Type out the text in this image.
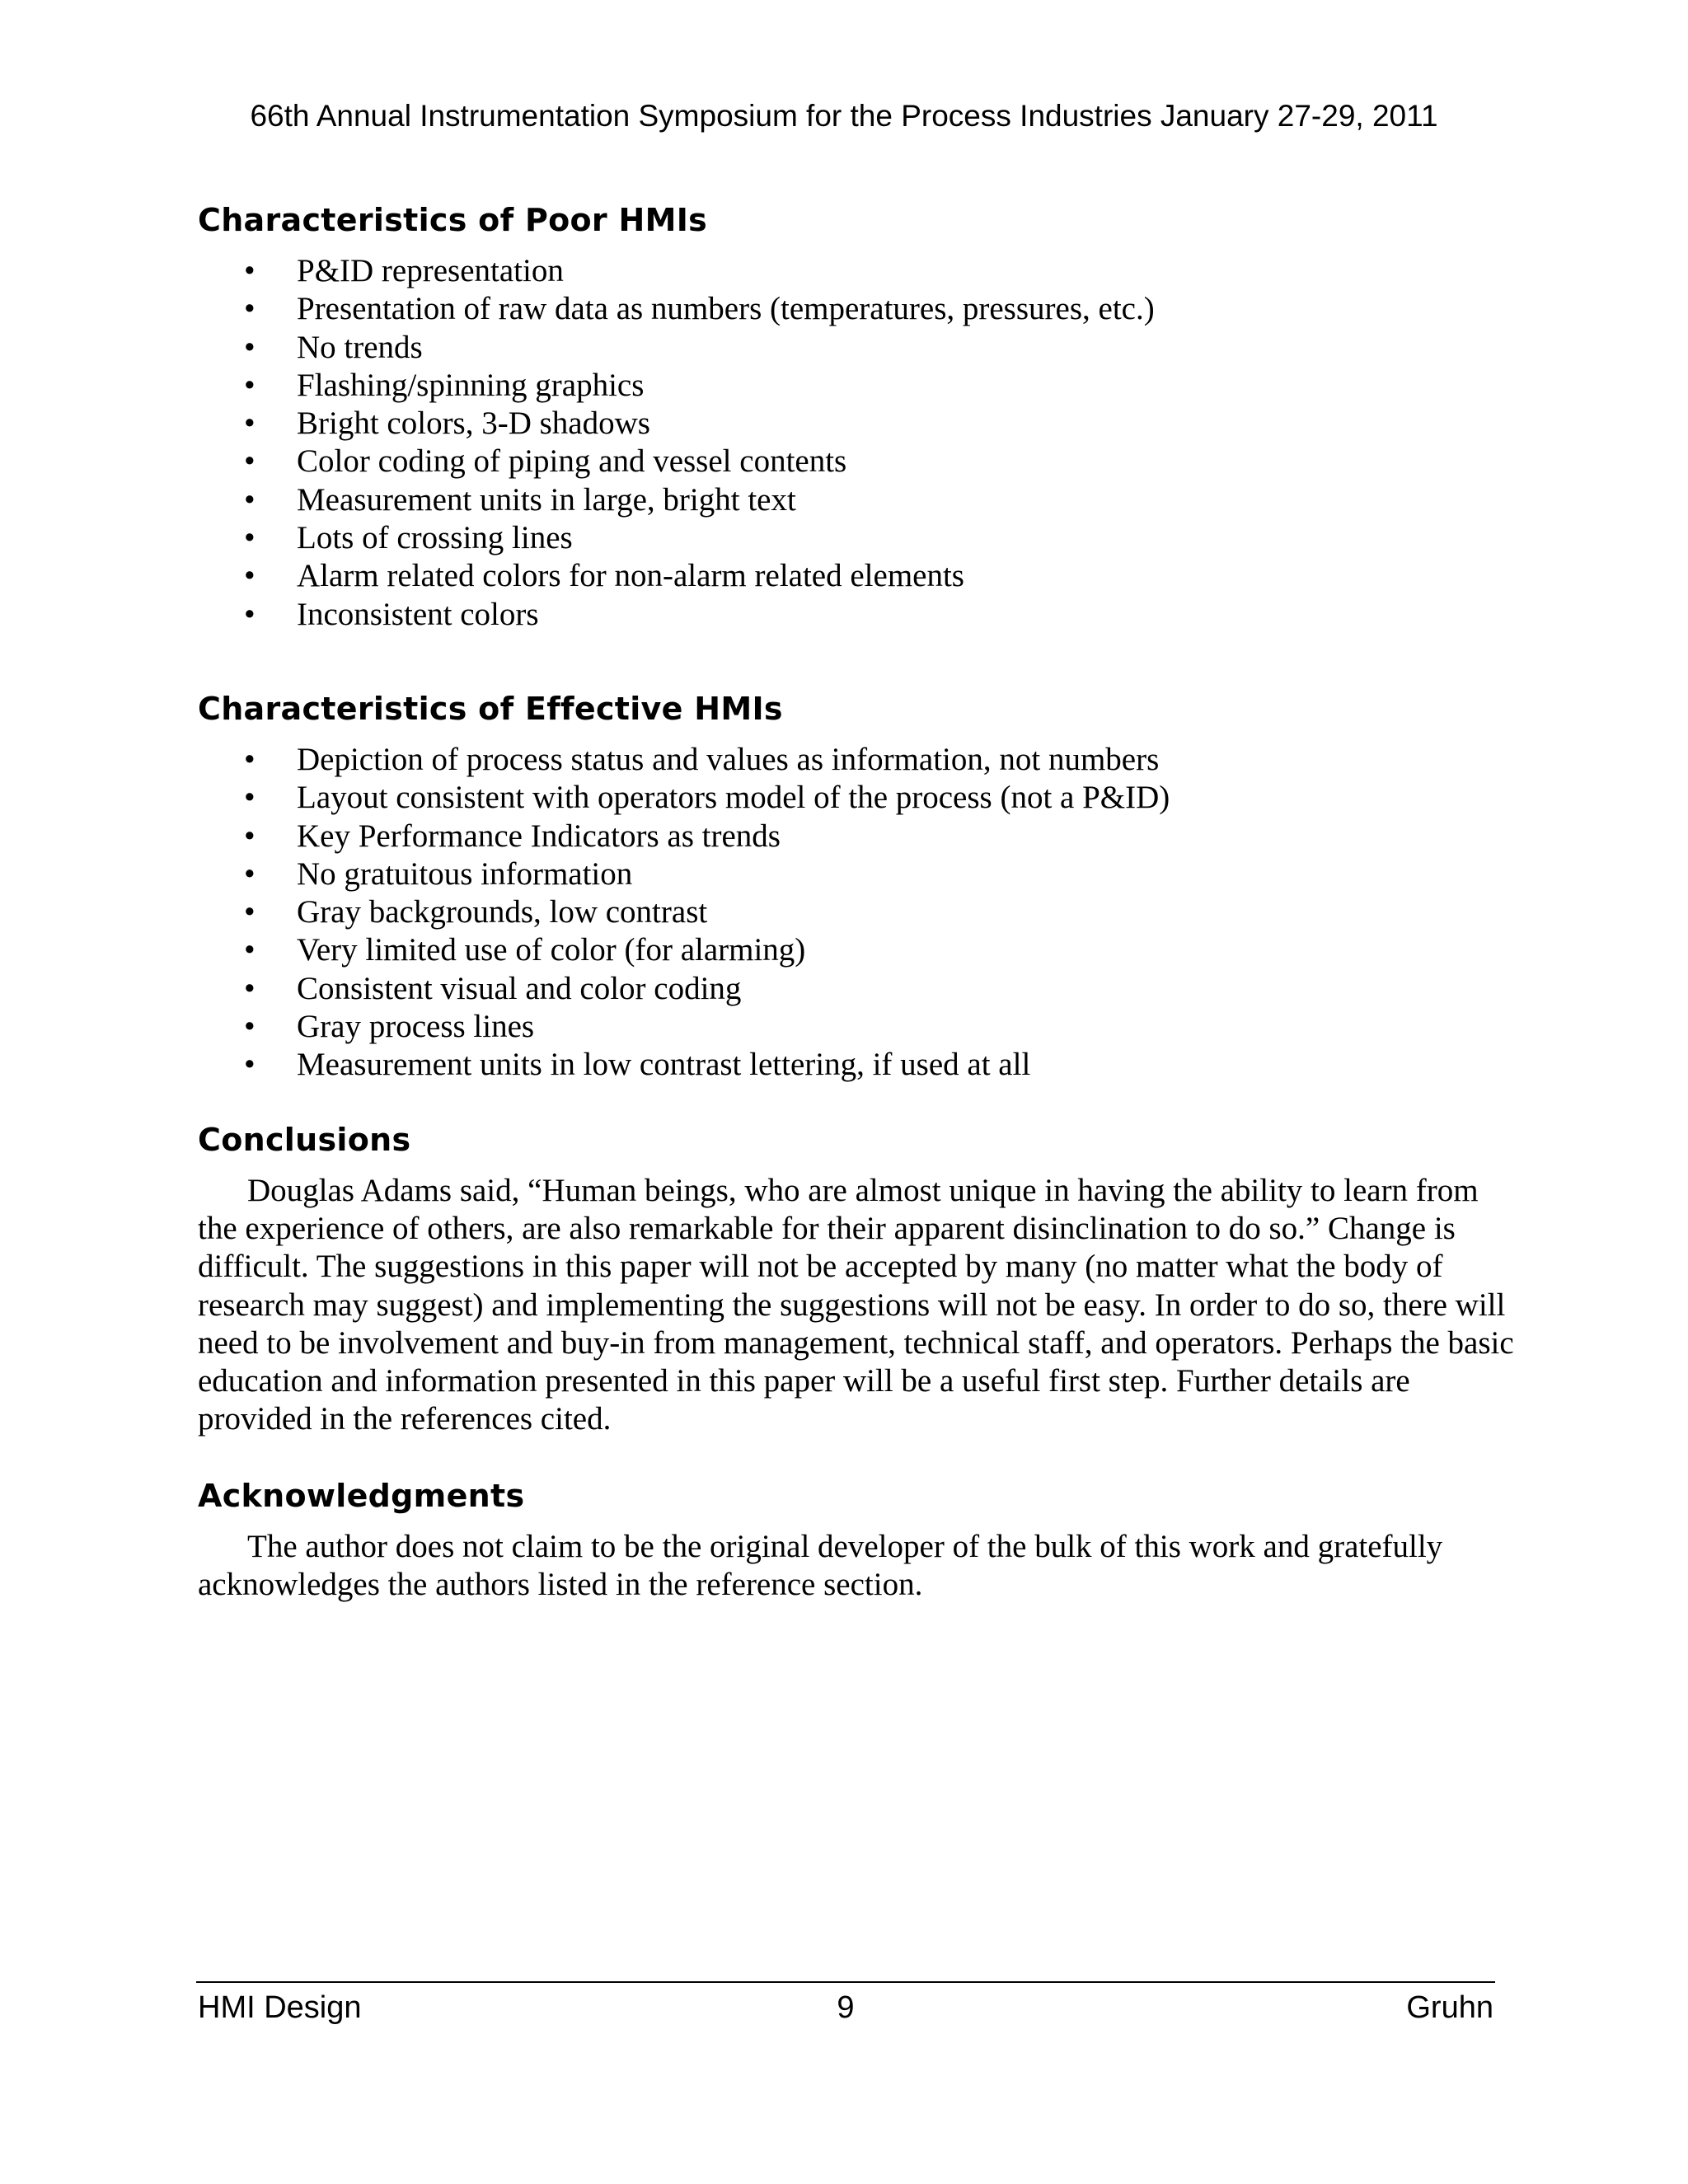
66th Annual Instrumentation Symposium for the Process Industries January 27-29, 2011
Characteristics of Poor HMIs
• P&ID representation
• Presentation of raw data as numbers (temperatures, pressures, etc.)
• No trends
• Flashing/spinning graphics
• Bright colors, 3-D shadows
• Color coding of piping and vessel contents
• Measurement units in large, bright text
• Lots of crossing lines
• Alarm related colors for non-alarm related elements
• Inconsistent colors
Characteristics of Effective HMIs
• Depiction of process status and values as information, not numbers
• Layout consistent with operators model of the process (not a P&ID)
• Key Performance Indicators as trends
• No gratuitous information
• Gray backgrounds, low contrast
• Very limited use of color (for alarming)
• Consistent visual and color coding
• Gray process lines
• Measurement units in low contrast lettering, if used at all
Conclusions

Douglas Adams said, “Human beings, who are almost unique in having the ability to learn from the experience of others, are also remarkable for their apparent disinclination to do so.” Change is difficult. The suggestions in this paper will not be accepted by many (no matter what the body of research may suggest) and implementing the suggestions will not be easy. In order to do so, there will need to be involvement and buy-in from management, technical staff, and operators. Perhaps the basic education and information presented in this paper will be a useful first step. Further details are provided in the references cited.

Acknowledgments

The author does not claim to be the original developer of the bulk of this work and gratefully acknowledges the authors listed in the reference section.

HMI Design	9	Gruhn
